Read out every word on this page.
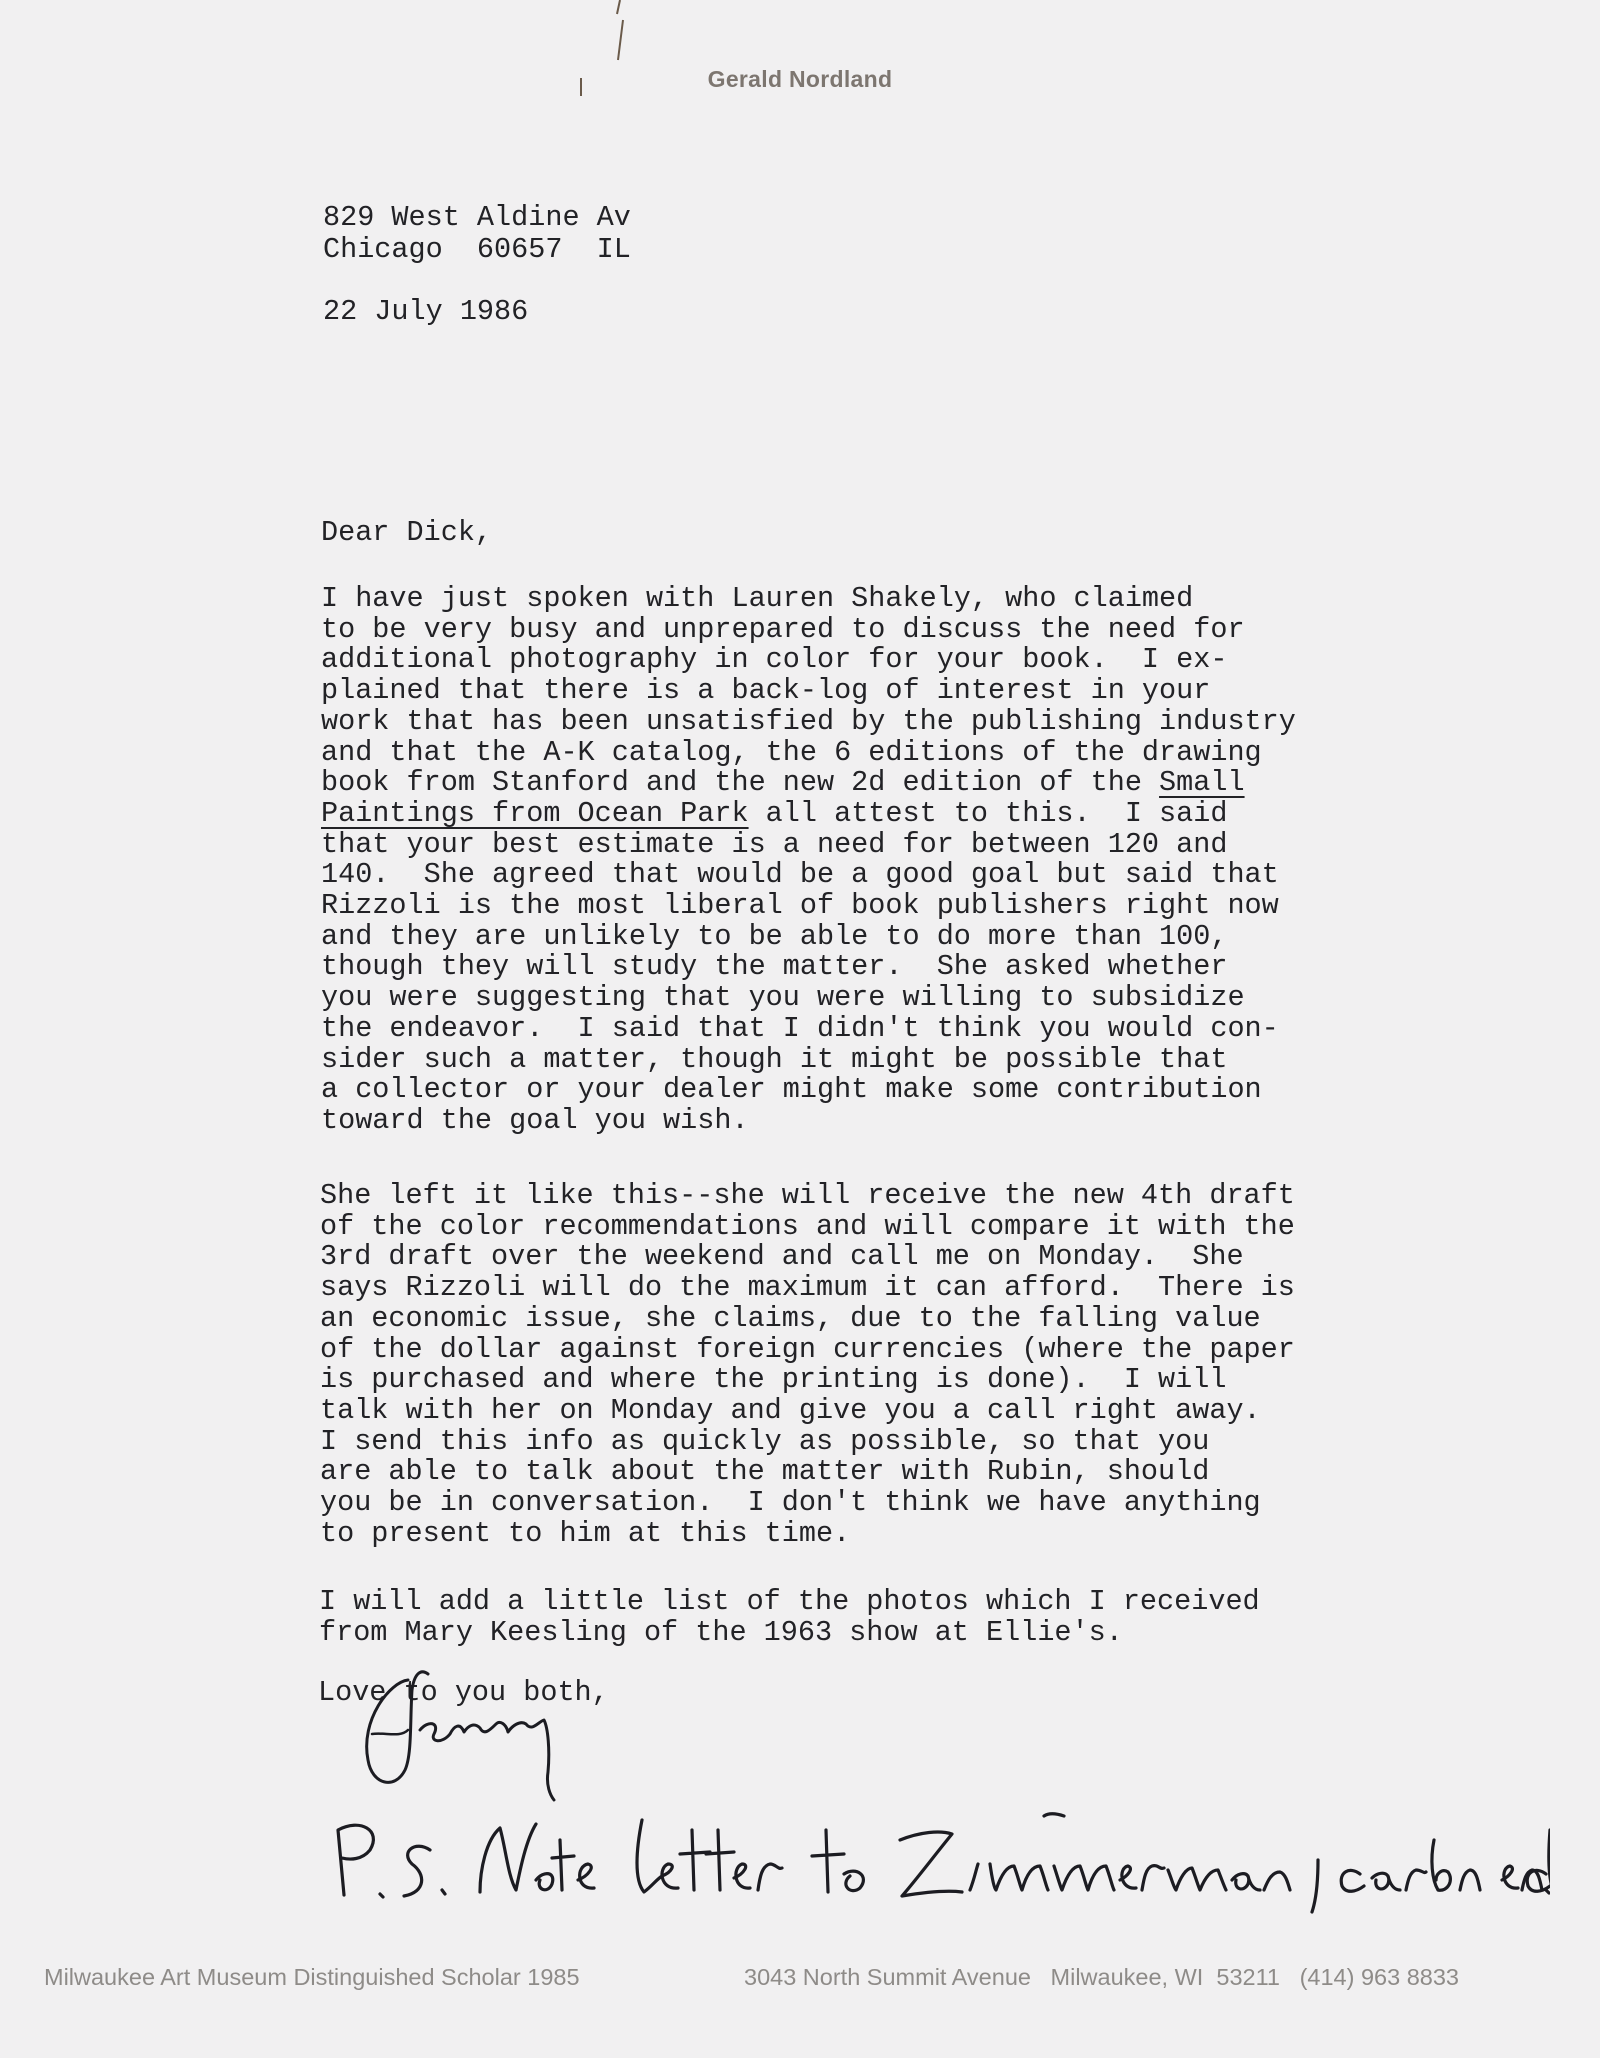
Gerald Nordland
829 West Aldine Av
Chicago  60657  IL
22 July 1986
Dear Dick,
I have just spoken with Lauren Shakely, who claimed
to be very busy and unprepared to discuss the need for
additional photography in color for your book.  I ex-
plained that there is a back-log of interest in your
work that has been unsatisfied by the publishing industry
and that the A-K catalog, the 6 editions of the drawing
book from Stanford and the new 2d edition of the Small
Paintings from Ocean Park all attest to this.  I said
that your best estimate is a need for between 120 and
140.  She agreed that would be a good goal but said that
Rizzoli is the most liberal of book publishers right now
and they are unlikely to be able to do more than 100,
though they will study the matter.  She asked whether
you were suggesting that you were willing to subsidize
the endeavor.  I said that I didn't think you would con-
sider such a matter, though it might be possible that
a collector or your dealer might make some contribution
toward the goal you wish.
She left it like this--she will receive the new 4th draft
of the color recommendations and will compare it with the
3rd draft over the weekend and call me on Monday.  She
says Rizzoli will do the maximum it can afford.  There is
an economic issue, she claims, due to the falling value
of the dollar against foreign currencies (where the paper
is purchased and where the printing is done).  I will
talk with her on Monday and give you a call right away.
I send this info as quickly as possible, so that you
are able to talk about the matter with Rubin, should
you be in conversation.  I don't think we have anything
to present to him at this time.
I will add a little list of the photos which I received
from Mary Keesling of the 1963 show at Ellie's.
Love to you both,
Milwaukee Art Museum Distinguished Scholar 1985	3043 North Summit Avenue   Milwaukee, WI  53211   (414) 963 8833
